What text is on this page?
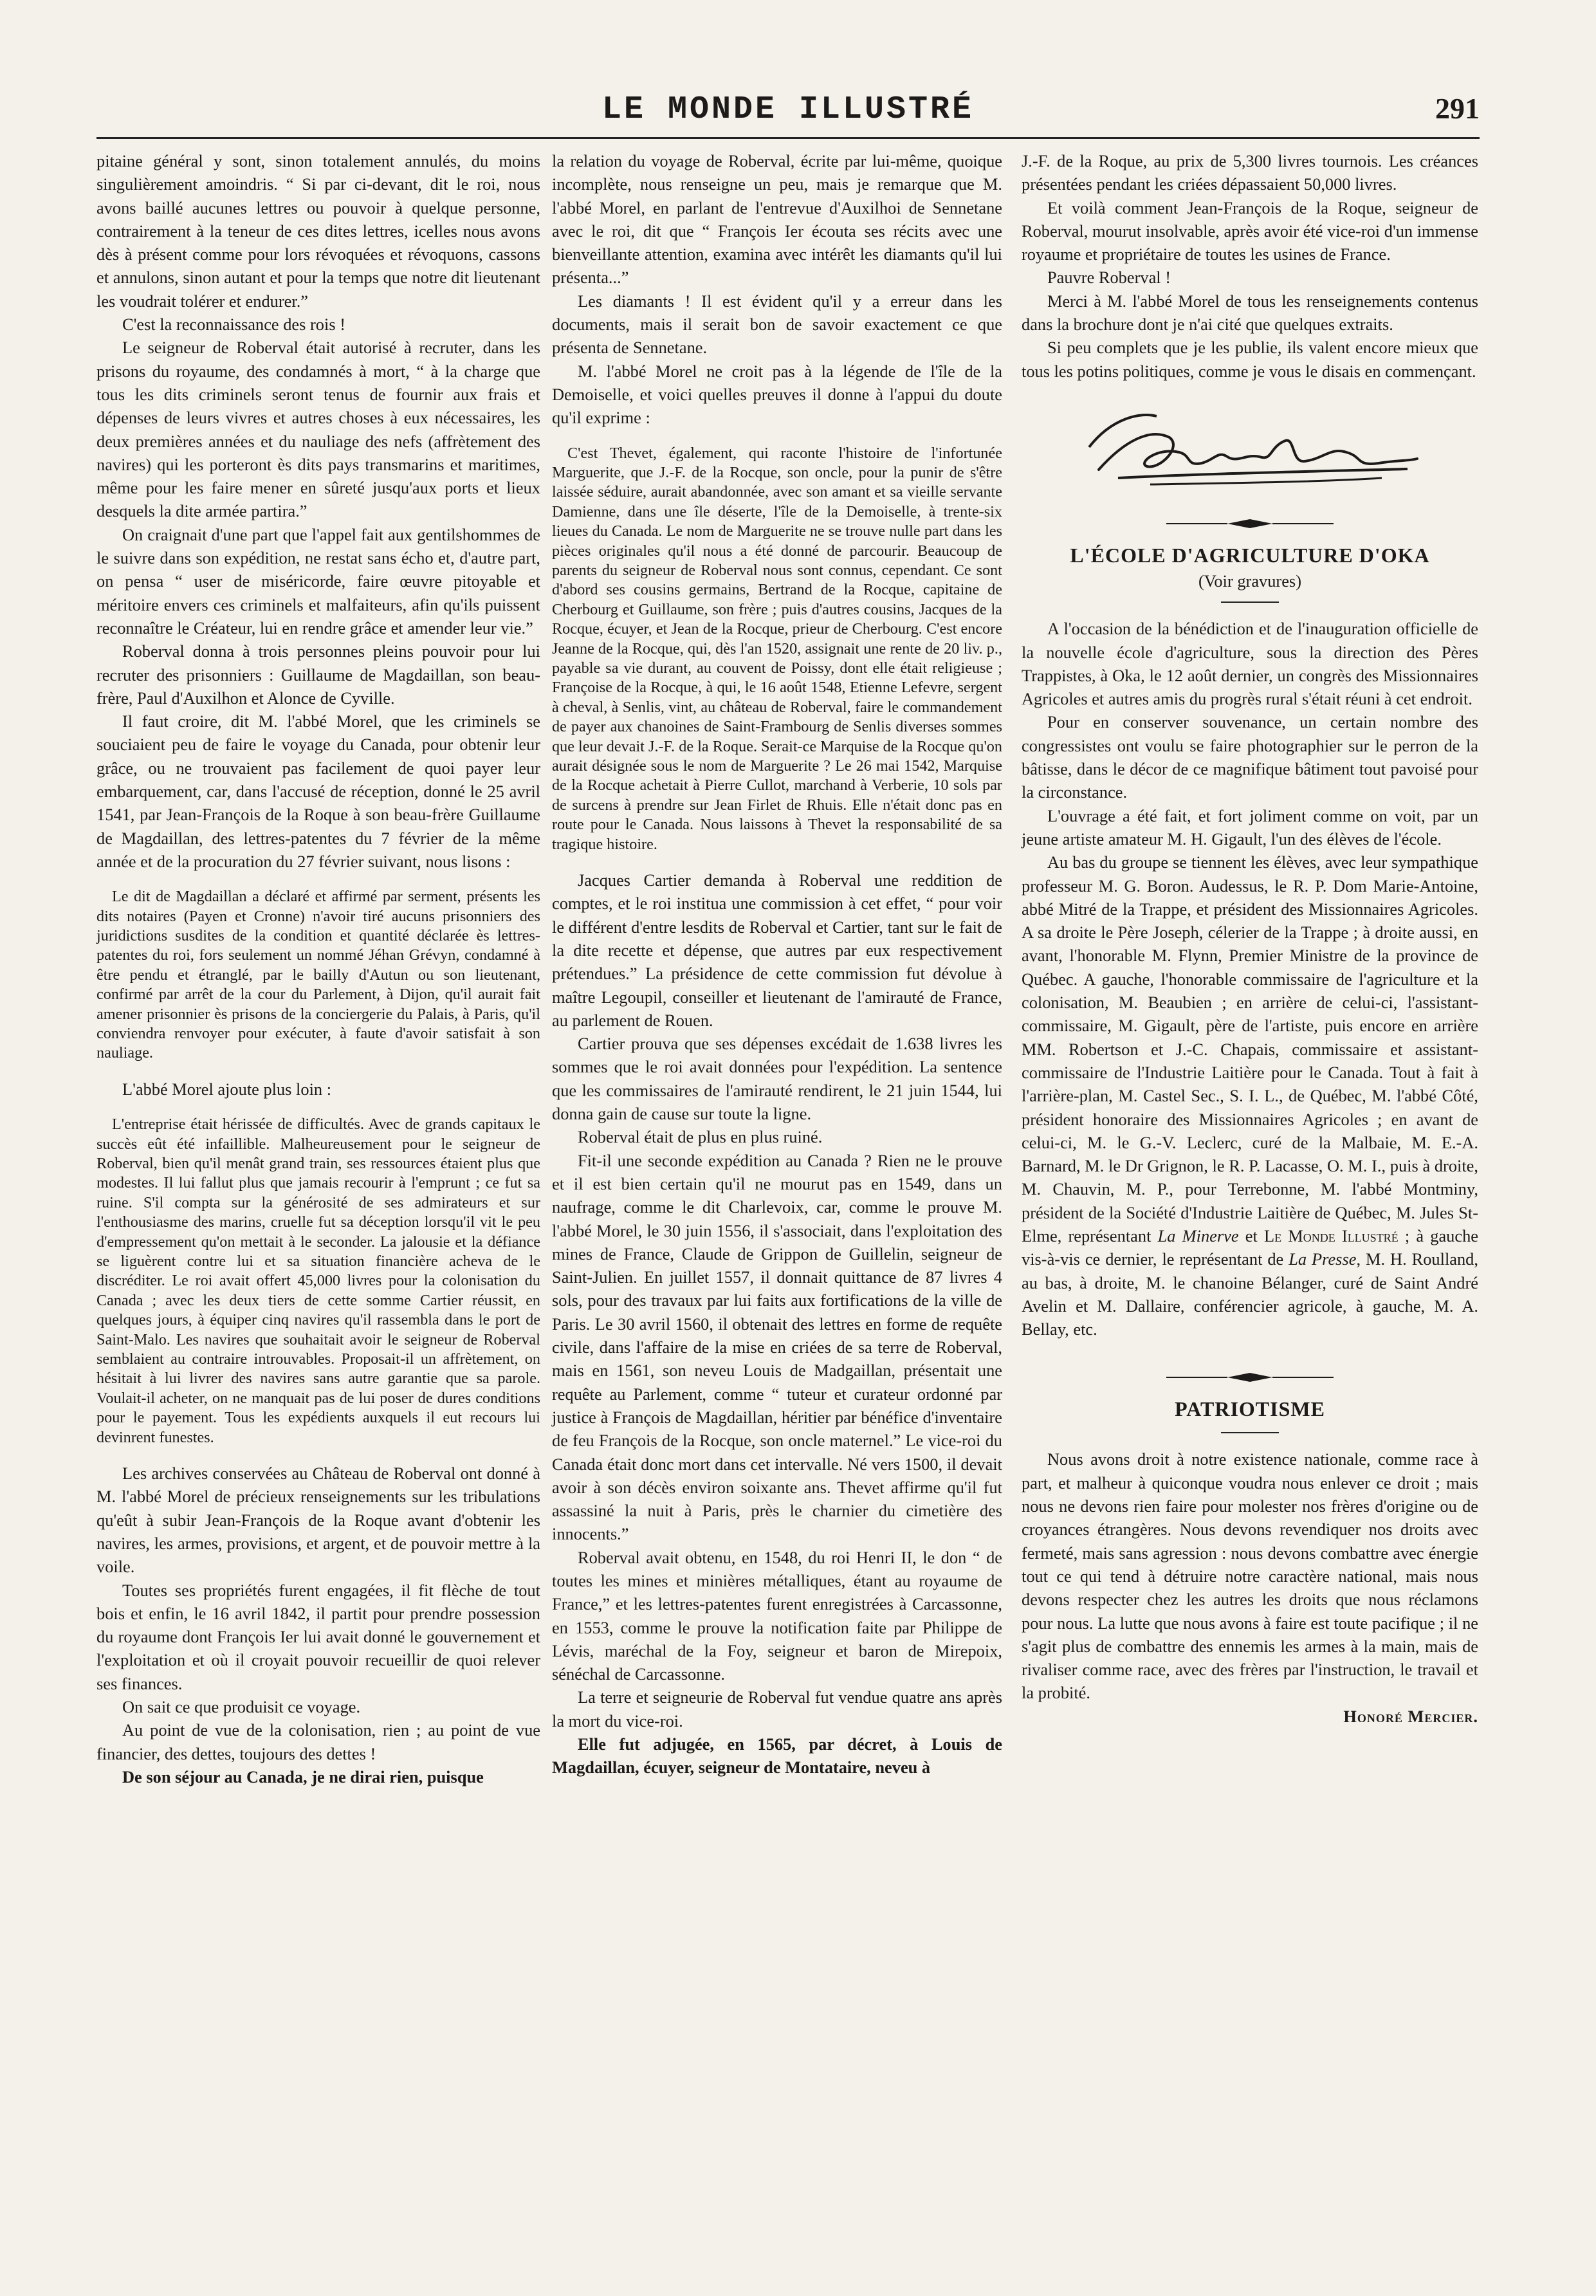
LE MONDE ILLUSTRÉ	291

pitaine général y sont, sinon totalement annulés, du moins singulièrement amoindris. “ Si par ci-devant, dit le roi, nous avons baillé aucunes lettres ou pouvoir à quelque personne, contrairement à la teneur de ces dites lettres, icelles nous avons dès à présent comme pour lors révoquées et révoquons, cassons et annulons, sinon autant et pour la temps que notre dit lieutenant les voudrait tolérer et endurer.”

C'est la reconnaissance des rois !

Le seigneur de Roberval était autorisé à recruter, dans les prisons du royaume, des condamnés à mort, “ à la charge que tous les dits criminels seront tenus de fournir aux frais et dépenses de leurs vivres et autres choses à eux nécessaires, les deux premières années et du nauliage des nefs (affrètement des navires) qui les porteront ès dits pays transmarins et maritimes, même pour les faire mener en sûreté jusqu'aux ports et lieux desquels la dite armée partira.”

On craignait d'une part que l'appel fait aux gentilshommes de le suivre dans son expédition, ne restat sans écho et, d'autre part, on pensa “ user de miséricorde, faire œuvre pitoyable et méritoire envers ces criminels et malfaiteurs, afin qu'ils puissent reconnaître le Créateur, lui en rendre grâce et amender leur vie.”

Roberval donna à trois personnes pleins pouvoir pour lui recruter des prisonniers : Guillaume de Magdaillan, son beau-frère, Paul d'Auxilhon et Alonce de Cyville.

Il faut croire, dit M. l'abbé Morel, que les criminels se souciaient peu de faire le voyage du Canada, pour obtenir leur grâce, ou ne trouvaient pas facilement de quoi payer leur embarquement, car, dans l'accusé de réception, donné le 25 avril 1541, par Jean-François de la Roque à son beau-frère Guillaume de Magdaillan, des lettres-patentes du 7 février de la même année et de la procuration du 27 février suivant, nous lisons :

Le dit de Magdaillan a déclaré et affirmé par serment, présents les dits notaires (Payen et Cronne) n'avoir tiré aucuns prisonniers des juridictions susdites de la condition et quantité déclarée ès lettres-patentes du roi, fors seulement un nommé Jéhan Grévyn, condamné à être pendu et étranglé, par le bailly d'Autun ou son lieutenant, confirmé par arrêt de la cour du Parlement, à Dijon, qu'il aurait fait amener prisonnier ès prisons de la conciergerie du Palais, à Paris, qu'il conviendra renvoyer pour exécuter, à faute d'avoir satisfait à son nauliage.

L'abbé Morel ajoute plus loin :

L'entreprise était hérissée de difficultés. Avec de grands capitaux le succès eût été infaillible. Malheureusement pour le seigneur de Roberval, bien qu'il menât grand train, ses ressources étaient plus que modestes. Il lui fallut plus que jamais recourir à l'emprunt ; ce fut sa ruine. S'il compta sur la générosité de ses admirateurs et sur l'enthousiasme des marins, cruelle fut sa déception lorsqu'il vit le peu d'empressement qu'on mettait à le seconder. La jalousie et la défiance se liguèrent contre lui et sa situation financière acheva de le discréditer. Le roi avait offert 45,000 livres pour la colonisation du Canada ; avec les deux tiers de cette somme Cartier réussit, en quelques jours, à équiper cinq navires qu'il rassembla dans le port de Saint-Malo. Les navires que souhaitait avoir le seigneur de Roberval semblaient au contraire introuvables. Proposait-il un affrètement, on hésitait à lui livrer des navires sans autre garantie que sa parole. Voulait-il acheter, on ne manquait pas de lui poser de dures conditions pour le payement. Tous les expédients auxquels il eut recours lui devinrent funestes.

Les archives conservées au Château de Roberval ont donné à M. l'abbé Morel de précieux renseignements sur les tribulations qu'eût à subir Jean-François de la Roque avant d'obtenir les navires, les armes, provisions, et argent, et de pouvoir mettre à la voile.

Toutes ses propriétés furent engagées, il fit flèche de tout bois et enfin, le 16 avril 1842, il partit pour prendre possession du royaume dont François Ier lui avait donné le gouvernement et l'exploitation et où il croyait pouvoir recueillir de quoi relever ses finances.

On sait ce que produisit ce voyage.

Au point de vue de la colonisation, rien ; au point de vue financier, des dettes, toujours des dettes !

De son séjour au Canada, je ne dirai rien, puisque

la relation du voyage de Roberval, écrite par lui-même, quoique incomplète, nous renseigne un peu, mais je remarque que M. l'abbé Morel, en parlant de l'entrevue d'Auxilhoi de Sennetane avec le roi, dit que “ François Ier écouta ses récits avec une bienveillante attention, examina avec intérêt les diamants qu'il lui présenta...”

Les diamants ! Il est évident qu'il y a erreur dans les documents, mais il serait bon de savoir exactement ce que présenta de Sennetane.

M. l'abbé Morel ne croit pas à la légende de l'île de la Demoiselle, et voici quelles preuves il donne à l'appui du doute qu'il exprime :

C'est Thevet, également, qui raconte l'histoire de l'infortunée Marguerite, que J.-F. de la Rocque, son oncle, pour la punir de s'être laissée séduire, aurait abandonnée, avec son amant et sa vieille servante Damienne, dans une île déserte, l'île de la Demoiselle, à trente-six lieues du Canada. Le nom de Marguerite ne se trouve nulle part dans les pièces originales qu'il nous a été donné de parcourir. Beaucoup de parents du seigneur de Roberval nous sont connus, cependant. Ce sont d'abord ses cousins germains, Bertrand de la Rocque, capitaine de Cherbourg et Guillaume, son frère ; puis d'autres cousins, Jacques de la Rocque, écuyer, et Jean de la Rocque, prieur de Cherbourg. C'est encore Jeanne de la Rocque, qui, dès l'an 1520, assignait une rente de 20 liv. p., payable sa vie durant, au couvent de Poissy, dont elle était religieuse ; Françoise de la Rocque, à qui, le 16 août 1548, Etienne Lefevre, sergent à cheval, à Senlis, vint, au château de Roberval, faire le commandement de payer aux chanoines de Saint-Frambourg de Senlis diverses sommes que leur devait J.-F. de la Roque. Serait-ce Marquise de la Rocque qu'on aurait désignée sous le nom de Marguerite ? Le 26 mai 1542, Marquise de la Rocque achetait à Pierre Cullot, marchand à Verberie, 10 sols par de surcens à prendre sur Jean Firlet de Rhuis. Elle n'était donc pas en route pour le Canada. Nous laissons à Thevet la responsabilité de sa tragique histoire.

Jacques Cartier demanda à Roberval une reddition de comptes, et le roi institua une commission à cet effet, “ pour voir le différent d'entre lesdits de Roberval et Cartier, tant sur le fait de la dite recette et dépense, que autres par eux respectivement prétendues.” La présidence de cette commission fut dévolue à maître Legoupil, conseiller et lieutenant de l'amirauté de France, au parlement de Rouen.

Cartier prouva que ses dépenses excédait de 1.638 livres les sommes que le roi avait données pour l'expédition. La sentence que les commissaires de l'amirauté rendirent, le 21 juin 1544, lui donna gain de cause sur toute la ligne.

Roberval était de plus en plus ruiné.

Fit-il une seconde expédition au Canada ? Rien ne le prouve et il est bien certain qu'il ne mourut pas en 1549, dans un naufrage, comme le dit Charlevoix, car, comme le prouve M. l'abbé Morel, le 30 juin 1556, il s'associait, dans l'exploitation des mines de France, Claude de Grippon de Guillelin, seigneur de Saint-Julien. En juillet 1557, il donnait quittance de 87 livres 4 sols, pour des travaux par lui faits aux fortifications de la ville de Paris. Le 30 avril 1560, il obtenait des lettres en forme de requête civile, dans l'affaire de la mise en criées de sa terre de Roberval, mais en 1561, son neveu Louis de Madgaillan, présentait une requête au Parlement, comme “ tuteur et curateur ordonné par justice à François de Magdaillan, héritier par bénéfice d'inventaire de feu François de la Rocque, son oncle maternel.” Le vice-roi du Canada était donc mort dans cet intervalle. Né vers 1500, il devait avoir à son décès environ soixante ans. Thevet affirme qu'il fut assassiné la nuit à Paris, près le charnier du cimetière des innocents.”

Roberval avait obtenu, en 1548, du roi Henri II, le don “ de toutes les mines et minières métalliques, étant au royaume de France,” et les lettres-patentes furent enregistrées à Carcassonne, en 1553, comme le prouve la notification faite par Philippe de Lévis, maréchal de la Foy, seigneur et baron de Mirepoix, sénéchal de Carcassonne.

La terre et seigneurie de Roberval fut vendue quatre ans après la mort du vice-roi.

Elle fut adjugée, en 1565, par décret, à Louis de Magdaillan, écuyer, seigneur de Montataire, neveu à

J.-F. de la Roque, au prix de 5,300 livres tournois. Les créances présentées pendant les criées dépassaient 50,000 livres.

Et voilà comment Jean-François de la Roque, seigneur de Roberval, mourut insolvable, après avoir été vice-roi d'un immense royaume et propriétaire de toutes les usines de France.

Pauvre Roberval !

Merci à M. l'abbé Morel de tous les renseignements contenus dans la brochure dont je n'ai cité que quelques extraits.

Si peu complets que je les publie, ils valent encore mieux que tous les potins politiques, comme je vous le disais en commençant.

L'ÉCOLE D'AGRICULTURE D'OKA

(Voir gravures)

A l'occasion de la bénédiction et de l'inauguration officielle de la nouvelle école d'agriculture, sous la direction des Pères Trappistes, à Oka, le 12 août dernier, un congrès des Missionnaires Agricoles et autres amis du progrès rural s'était réuni à cet endroit.

Pour en conserver souvenance, un certain nombre des congressistes ont voulu se faire photographier sur le perron de la bâtisse, dans le décor de ce magnifique bâtiment tout pavoisé pour la circonstance.

L'ouvrage a été fait, et fort joliment comme on voit, par un jeune artiste amateur M. H. Gigault, l'un des élèves de l'école.

Au bas du groupe se tiennent les élèves, avec leur sympathique professeur M. G. Boron. Audessus, le R. P. Dom Marie-Antoine, abbé Mitré de la Trappe, et président des Missionnaires Agricoles. A sa droite le Père Joseph, célerier de la Trappe ; à droite aussi, en avant, l'honorable M. Flynn, Premier Ministre de la province de Québec. A gauche, l'honorable commissaire de l'agriculture et la colonisation, M. Beaubien ; en arrière de celui-ci, l'assistant-commissaire, M. Gigault, père de l'artiste, puis encore en arrière MM. Robertson et J.-C. Chapais, commissaire et assistant-commissaire de l'Industrie Laitière pour le Canada. Tout à fait à l'arrière-plan, M. Castel Sec., S. I. L., de Québec, M. l'abbé Côté, président honoraire des Missionnaires Agricoles ; en avant de celui-ci, M. le G.-V. Leclerc, curé de la Malbaie, M. E.-A. Barnard, M. le Dr Grignon, le R. P. Lacasse, O. M. I., puis à droite, M. Chauvin, M. P., pour Terrebonne, M. l'abbé Montminy, président de la Société d'Industrie Laitière de Québec, M. Jules St-Elme, représentant La Minerve et Le Monde Illustré ; à gauche vis-à-vis ce dernier, le représentant de La Presse, M. H. Roulland, au bas, à droite, M. le chanoine Bélanger, curé de Saint André Avelin et M. Dallaire, conférencier agricole, à gauche, M. A. Bellay, etc.

PATRIOTISME

Nous avons droit à notre existence nationale, comme race à part, et malheur à quiconque voudra nous enlever ce droit ; mais nous ne devons rien faire pour molester nos frères d'origine ou de croyances étrangères. Nous devons revendiquer nos droits avec fermeté, mais sans agression : nous devons combattre avec énergie tout ce qui tend à détruire notre caractère national, mais nous devons respecter chez les autres les droits que nous réclamons pour nous. La lutte que nous avons à faire est toute pacifique ; il ne s'agit plus de combattre des ennemis les armes à la main, mais de rivaliser comme race, avec des frères par l'instruction, le travail et la probité.

Honoré Mercier.
